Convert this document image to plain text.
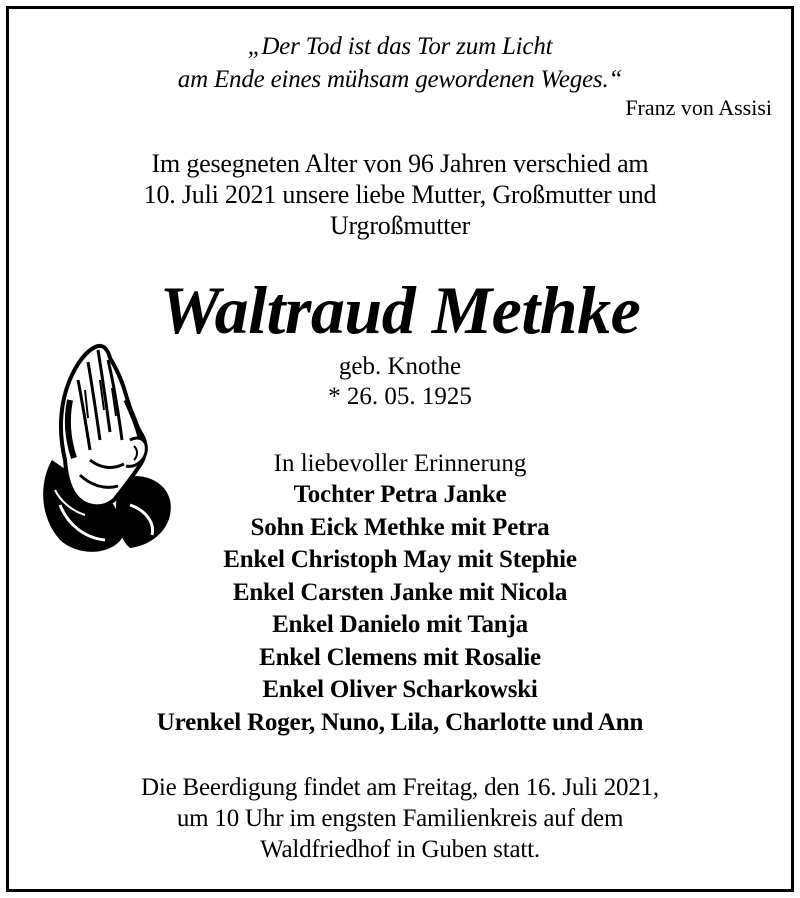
„Der Tod ist das Tor zum Licht
am Ende eines mühsam gewordenen Weges.“
Franz von Assisi
Im gesegneten Alter von 96 Jahren verschied am
10. Juli 2021 unsere liebe Mutter, Großmutter und
Urgroßmutter
Waltraud Methke
geb. Knothe
* 26. 05. 1925
In liebevoller Erinnerung
Tochter Petra Janke
Sohn Eick Methke mit Petra
Enkel Christoph May mit Stephie
Enkel Carsten Janke mit Nicola
Enkel Danielo mit Tanja
Enkel Clemens mit Rosalie
Enkel Oliver Scharkowski
Urenkel Roger, Nuno, Lila, Charlotte und Ann
Die Beerdigung findet am Freitag, den 16. Juli 2021,
um 10 Uhr im engsten Familienkreis auf dem
Waldfriedhof in Guben statt.
